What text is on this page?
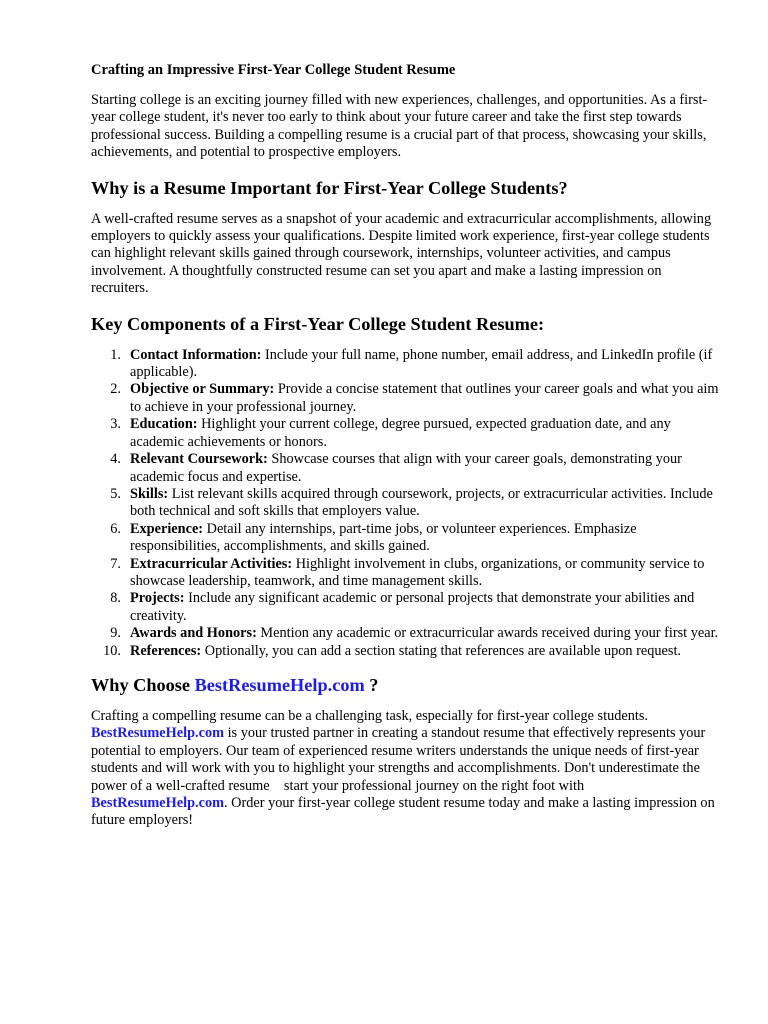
Crafting an Impressive First-Year College Student Resume

Starting college is an exciting journey filled with new experiences, challenges, and opportunities. As a first-year college student, it's never too early to think about your future career and take the first step towards professional success. Building a compelling resume is a crucial part of that process, showcasing your skills, achievements, and potential to prospective employers.

Why is a Resume Important for First-Year College Students?

A well-crafted resume serves as a snapshot of your academic and extracurricular accomplishments, allowing employers to quickly assess your qualifications. Despite limited work experience, first-year college students can highlight relevant skills gained through coursework, internships, volunteer activities, and campus involvement. A thoughtfully constructed resume can set you apart and make a lasting impression on recruiters.

Key Components of a First-Year College Student Resume:
1. Contact Information: Include your full name, phone number, email address, and LinkedIn profile (if applicable).
2. Objective or Summary: Provide a concise statement that outlines your career goals and what you aim to achieve in your professional journey.
3. Education: Highlight your current college, degree pursued, expected graduation date, and any academic achievements or honors.
4. Relevant Coursework: Showcase courses that align with your career goals, demonstrating your academic focus and expertise.
5. Skills: List relevant skills acquired through coursework, projects, or extracurricular activities. Include both technical and soft skills that employers value.
6. Experience: Detail any internships, part-time jobs, or volunteer experiences. Emphasize responsibilities, accomplishments, and skills gained.
7. Extracurricular Activities: Highlight involvement in clubs, organizations, or community service to showcase leadership, teamwork, and time management skills.
8. Projects: Include any significant academic or personal projects that demonstrate your abilities and creativity.
9. Awards and Honors: Mention any academic or extracurricular awards received during your first year.
10. References: Optionally, you can add a section stating that references are available upon request.
Why Choose BestResumeHelp.com ?

Crafting a compelling resume can be a challenging task, especially for first-year college students. BestResumeHelp.com is your trusted partner in creating a standout resume that effectively represents your potential to employers. Our team of experienced resume writers understands the unique needs of first-year students and will work with you to highlight your strengths and accomplishments. Don't underestimate the power of a well-crafted resume    start your professional journey on the right foot with BestResumeHelp.com. Order your first-year college student resume today and make a lasting impression on future employers!
